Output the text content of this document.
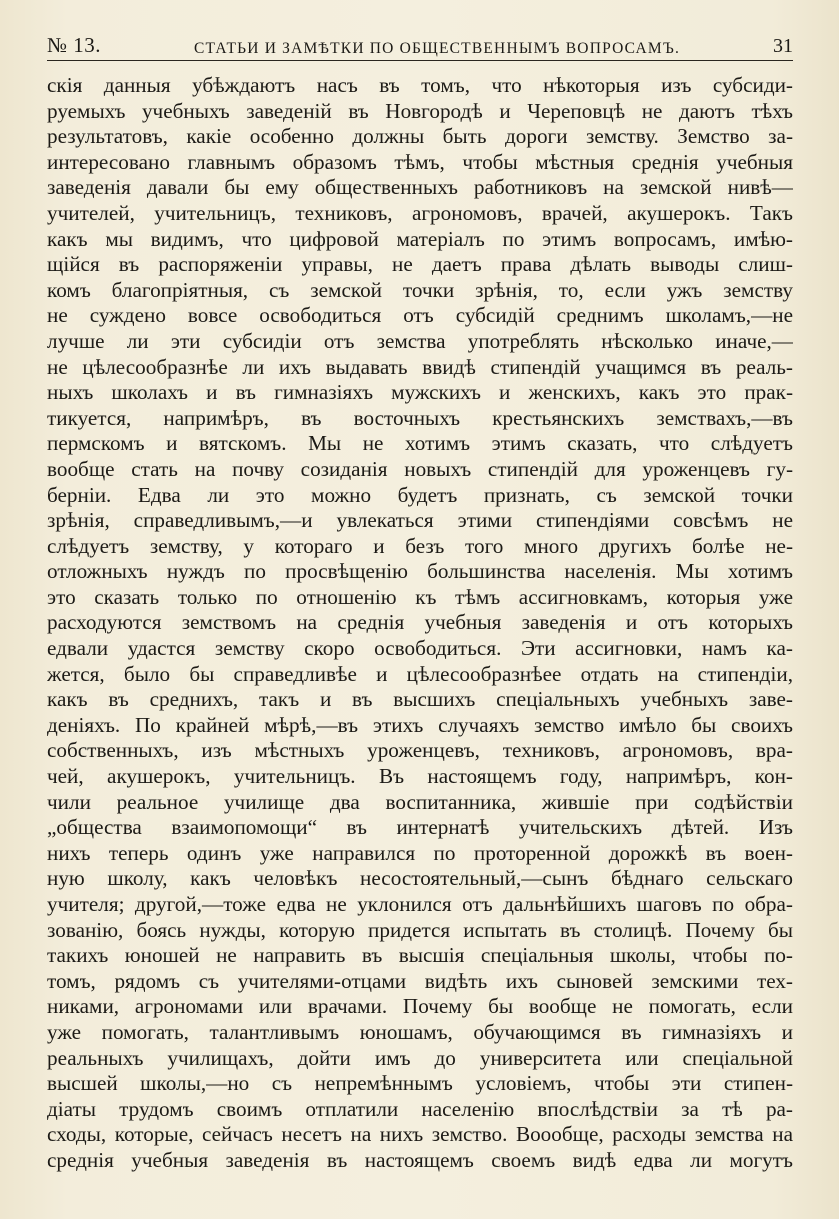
№ 13.	СТАТЬИ И ЗАМѢТКИ ПО ОБЩЕСТВЕННЫМЪ ВОПРОСАМЪ.	31
скія данныя убѣждаютъ насъ въ томъ, что нѣкоторыя изъ субсиди-
руемыхъ учебныхъ заведеній въ Новгородѣ и Череповцѣ не даютъ тѣхъ
результатовъ, какіе особенно должны быть дороги земству. Земство за-
интересовано главнымъ образомъ тѣмъ, чтобы мѣстныя среднія учебныя
заведенія давали бы ему общественныхъ работниковъ на земской нивѣ—
учителей, учительницъ, техниковъ, агрономовъ, врачей, акушерокъ. Такъ
какъ мы видимъ, что цифровой матеріалъ по этимъ вопросамъ, имѣю-
щійся въ распоряженіи управы, не даетъ права дѣлать выводы слиш-
комъ благопріятныя, съ земской точки зрѣнія, то, если ужъ земству
не суждено вовсе освободиться отъ субсидій среднимъ школамъ,—не
лучше ли эти субсидіи отъ земства употреблять нѣсколько иначе,—
не цѣлесообразнѣе ли ихъ выдавать ввидѣ стипендій учащимся въ реаль-
ныхъ школахъ и въ гимназіяхъ мужскихъ и женскихъ, какъ это прак-
тикуется, напримѣръ, въ восточныхъ крестьянскихъ земствахъ,—въ
пермскомъ и вятскомъ. Мы не хотимъ этимъ сказать, что слѣдуетъ
вообще стать на почву созиданія новыхъ стипендій для уроженцевъ гу-
берніи. Едва ли это можно будетъ признать, съ земской точки
зрѣнія, справедливымъ,—и увлекаться этими стипендіями совсѣмъ не
слѣдуетъ земству, у котораго и безъ того много другихъ болѣе не-
отложныхъ нуждъ по просвѣщенію большинства населенія. Мы хотимъ
это сказать только по отношенію къ тѣмъ ассигновкамъ, которыя уже
расходуются земствомъ на среднія учебныя заведенія и отъ которыхъ
едвали удастся земству скоро освободиться. Эти ассигновки, намъ ка-
жется, было бы справедливѣе и цѣлесообразнѣее отдать на стипендіи,
какъ въ среднихъ, такъ и въ высшихъ спеціальныхъ учебныхъ заве-
деніяхъ. По крайней мѣрѣ,—въ этихъ случаяхъ земство имѣло бы своихъ
собственныхъ, изъ мѣстныхъ уроженцевъ, техниковъ, агрономовъ, вра-
чей, акушерокъ, учительницъ. Въ настоящемъ году, напримѣръ, кон-
чили реальное училище два воспитанника, жившіе при содѣйствіи
„общества взаимопомощи“ въ интернатѣ учительскихъ дѣтей. Изъ
нихъ теперь одинъ уже направился по проторенной дорожкѣ въ воен-
ную школу, какъ человѣкъ несостоятельный,—сынъ бѣднаго сельскаго
учителя; другой,—тоже едва не уклонился отъ дальнѣйшихъ шаговъ по обра-
зованію, боясь нужды, которую придется испытать въ столицѣ. Почему бы
такихъ юношей не направить въ высшія спеціальныя школы, чтобы по-
томъ, рядомъ съ учителями-отцами видѣть ихъ сыновей земскими тех-
никами, агрономами или врачами. Почему бы вообще не помогать, если
уже помогать, талантливымъ юношамъ, обучающимся въ гимназіяхъ и
реальныхъ училищахъ, дойти имъ до университета или спеціальной
высшей школы,—но съ непремѣннымъ условіемъ, чтобы эти стипен-
діаты трудомъ своимъ отплатили населенію впослѣдствіи за тѣ ра-
сходы, которые, сейчасъ несетъ на нихъ земство. Воообще, расходы земства на
среднія учебныя заведенія въ настоящемъ своемъ видѣ едва ли могутъ
